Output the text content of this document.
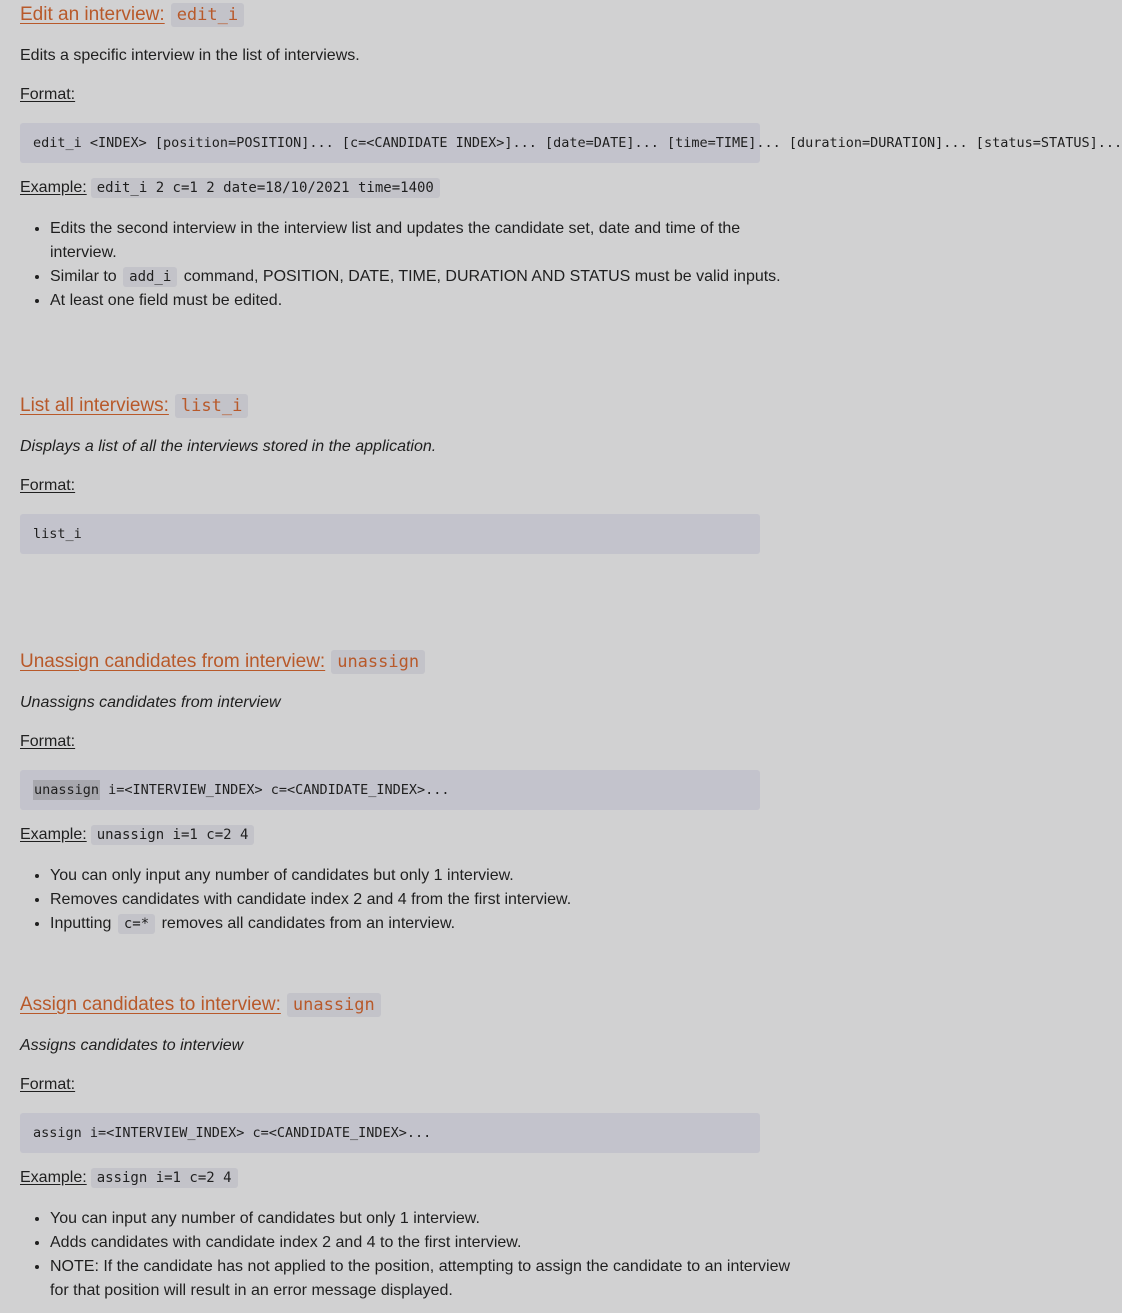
Edit an interview: edit_i
Edits a specific interview in the list of interviews.
Format:
edit_i <INDEX> [position=POSITION]... [c=<CANDIDATE INDEX>]... [date=DATE]... [time=TIME]... [duration=DURATION]... [status=STATUS]...
Example: edit_i 2 c=1 2 date=18/10/2021 time=1400
• Edits the second interview in the interview list and updates the candidate set, date and time of the interview.
• Similar to add_i command, POSITION, DATE, TIME, DURATION AND STATUS must be valid inputs.
• At least one field must be edited.
List all interviews: list_i
Displays a list of all the interviews stored in the application.
Format:
list_i
Unassign candidates from interview: unassign
Unassigns candidates from interview
Format:
unassign i=<INTERVIEW_INDEX> c=<CANDIDATE_INDEX>...
Example: unassign i=1 c=2 4
• You can only input any number of candidates but only 1 interview.
• Removes candidates with candidate index 2 and 4 from the first interview.
• Inputting c=* removes all candidates from an interview.
Assign candidates to interview: unassign
Assigns candidates to interview
Format:
assign i=<INTERVIEW_INDEX> c=<CANDIDATE_INDEX>...
Example: assign i=1 c=2 4
• You can input any number of candidates but only 1 interview.
• Adds candidates with candidate index 2 and 4 to the first interview.
• NOTE: If the candidate has not applied to the position, attempting to assign the candidate to an interview for that position will result in an error message displayed.
